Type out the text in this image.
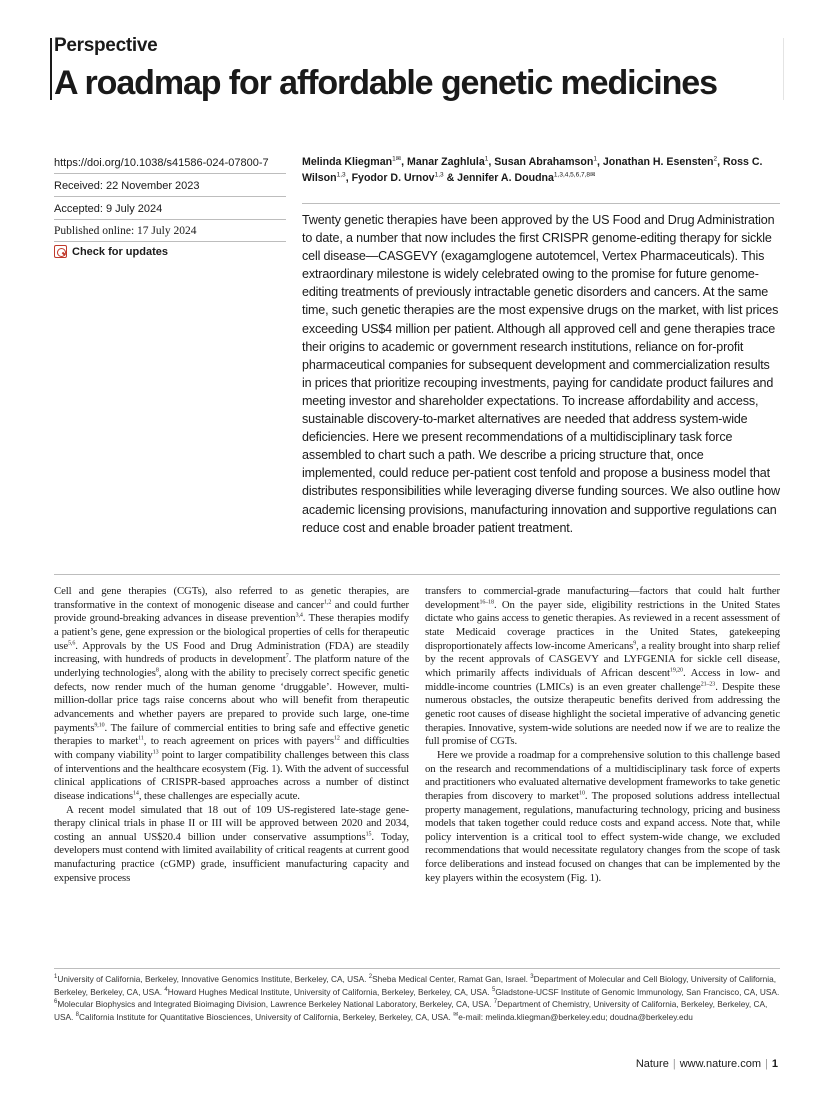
Perspective
A roadmap for affordable genetic medicines
https://doi.org/10.1038/s41586-024-07800-7
Received: 22 November 2023
Accepted: 9 July 2024
Published online: 17 July 2024
Check for updates
Melinda Kliegman$^{1✉}$, Manar Zaghlula$^1$, Susan Abrahamson$^1$, Jonathan H. Esensten$^2$, Ross C. Wilson$^{1,3}$, Fyodor D. Urnov$^{1,3}$ & Jennifer A. Doudna$^{1,3,4,5,6,7,8✉}$
Twenty genetic therapies have been approved by the US Food and Drug Administration to date, a number that now includes the first CRISPR genome-editing therapy for sickle cell disease—CASGEVY (exagamglogene autotemcel, Vertex Pharmaceuticals). This extraordinary milestone is widely celebrated owing to the promise for future genome-editing treatments of previously intractable genetic disorders and cancers. At the same time, such genetic therapies are the most expensive drugs on the market, with list prices exceeding US$4 million per patient. Although all approved cell and gene therapies trace their origins to academic or government research institutions, reliance on for-profit pharmaceutical companies for subsequent development and commercialization results in prices that prioritize recouping investments, paying for candidate product failures and meeting investor and shareholder expectations. To increase affordability and access, sustainable discovery-to-market alternatives are needed that address system-wide deficiencies. Here we present recommendations of a multidisciplinary task force assembled to chart such a path. We describe a pricing structure that, once implemented, could reduce per-patient cost tenfold and propose a business model that distributes responsibilities while leveraging diverse funding sources. We also outline how academic licensing provisions, manufacturing innovation and supportive regulations can reduce cost and enable broader patient treatment.

Cell and gene therapies (CGTs), also referred to as genetic therapies, are transformative in the context of monogenic disease and cancer$^{1,2}$ and could further provide ground-breaking advances in disease prevention$^{3,4}$. These therapies modify a patient’s gene, gene expression or the biological properties of cells for therapeutic use$^{5,6}$. Approvals by the US Food and Drug Administration (FDA) are steadily increasing, with hundreds of products in development$^7$. The platform nature of the underlying technologies$^8$, along with the ability to precisely correct specific genetic defects, now render much of the human genome ‘druggable’. However, multi-million-dollar price tags raise concerns about who will benefit from therapeutic advancements and whether payers are prepared to provide such large, one-time payments$^{9,10}$. The failure of commercial entities to bring safe and effective genetic therapies to market$^{11}$, to reach agreement on prices with payers$^{12}$ and difficulties with company viability$^{13}$ point to larger compatibility challenges between this class of interventions and the healthcare ecosystem (Fig. 1). With the advent of successful clinical applications of CRISPR-based approaches across a number of distinct disease indications$^{14}$, these challenges are especially acute.

A recent model simulated that 18 out of 109 US-registered late-stage gene-therapy clinical trials in phase II or III will be approved between 2020 and 2034, costing an annual US$20.4 billion under conservative assumptions$^{15}$. Today, developers must contend with limited availability of critical reagents at current good manufacturing practice (cGMP) grade, insufficient manufacturing capacity and expensive process

transfers to commercial-grade manufacturing—factors that could halt further development$^{16-18}$. On the payer side, eligibility restrictions in the United States dictate who gains access to genetic therapies. As reviewed in a recent assessment of state Medicaid coverage practices in the United States, gatekeeping disproportionately affects low-income Americans$^9$, a reality brought into sharp relief by the recent approvals of CASGEVY and LYFGENIA for sickle cell disease, which primarily affects individuals of African descent$^{19,20}$. Access in low- and middle-income countries (LMICs) is an even greater challenge$^{21-23}$. Despite these numerous obstacles, the outsize therapeutic benefits derived from addressing the genetic root causes of disease highlight the societal imperative of advancing genetic therapies. Innovative, system-wide solutions are needed now if we are to realize the full promise of CGTs.

Here we provide a roadmap for a comprehensive solution to this challenge based on the research and recommendations of a multidisciplinary task force of experts and practitioners who evaluated alternative development frameworks to take genetic therapies from discovery to market$^{10}$. The proposed solutions address intellectual property management, regulations, manufacturing technology, pricing and business models that taken together could reduce costs and expand access. Note that, while policy intervention is a critical tool to effect system-wide change, we excluded recommendations that would necessitate regulatory changes from the scope of task force deliberations and instead focused on changes that can be implemented by the key players within the ecosystem (Fig. 1).

$^1$University of California, Berkeley, Innovative Genomics Institute, Berkeley, CA, USA. $^2$Sheba Medical Center, Ramat Gan, Israel. $^3$Department of Molecular and Cell Biology, University of California, Berkeley, Berkeley, CA, USA. $^4$Howard Hughes Medical Institute, University of California, Berkeley, Berkeley, CA, USA. $^5$Gladstone-UCSF Institute of Genomic Immunology, San Francisco, CA, USA. $^6$Molecular Biophysics and Integrated Bioimaging Division, Lawrence Berkeley National Laboratory, Berkeley, CA, USA. $^7$Department of Chemistry, University of California, Berkeley, Berkeley, CA, USA. $^8$California Institute for Quantitative Biosciences, University of California, Berkeley, Berkeley, CA, USA. ✉e-mail: melinda.kliegman@berkeley.edu; doudna@berkeley.edu
Nature | www.nature.com | 1
